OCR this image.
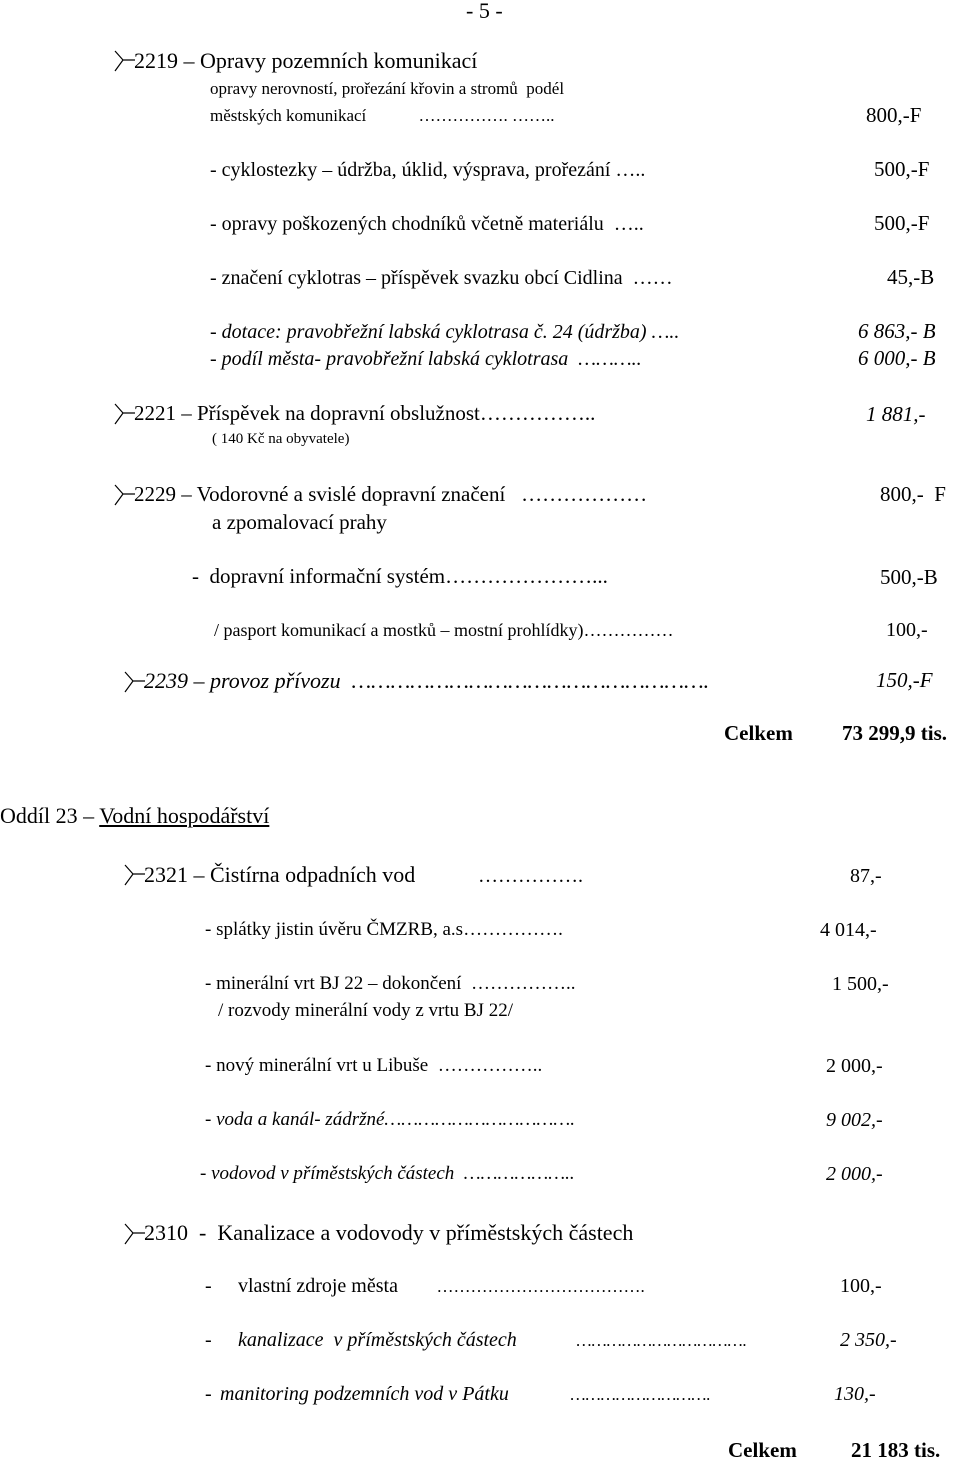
- 5 -
2219 – Opravy pozemních komunikací
opravy nerovností, prořezání křovin a stromů  podél
městských komunikací	……………. ……..	800,-F
- cyklostezky – údržba, úklid, výsprava, prořezání …..	500,-F
- opravy poškozených chodníků včetně materiálu  …..	500,-F
- značení cyklotras – příspěvek svazku obcí Cidlina  ……	45,-B
- dotace: pravobřežní labská cyklotrasa č. 24 (údržba) …..	6 863,- B
- podíl města- pravobřežní labská cyklotrasa  ………..	6 000,- B
2221 – Příspěvek na dopravní obslužnost……………..	1 881,-
( 140 Kč na obyvatele)
2229 – Vodorovné a svislé dopravní značení   ………………	800,-  F
a zpomalovací prahy
-  dopravní informační systém…………………...	500,-B
/ pasport komunikací a mostků – mostní prohlídky)……………	100,-
2239 – provoz přívozu  ……………………………………………….	150,-F
Celkem 73 299,9 tis.
Oddíl 23 – Vodní hospodářství
2321 – Čistírna odpadních vod	…………….	87,-
- splátky jistin úvěru ČMZRB, a.s…………….	4 014,-
- minerální vrt BJ 22 – dokončení  ……………..	1 500,-
/ rozvody minerální vody z vrtu BJ 22/
- nový minerální vrt u Libuše  ……………..	2 000,-
- voda a kanál- zádržné…………………………….	9 002,-
- vodovod v příměstských částech  ………………..	2 000,-
2310  -  Kanalizace a vodovody v příměstských částech
- vlastní zdroje města ……………………………….	100,-
- kanalizace  v příměstských částech	…………………………….	2 350,-
- manitoring podzemních vod v Pátku	……………………….	130,-
Celkem	21 183 tis.
